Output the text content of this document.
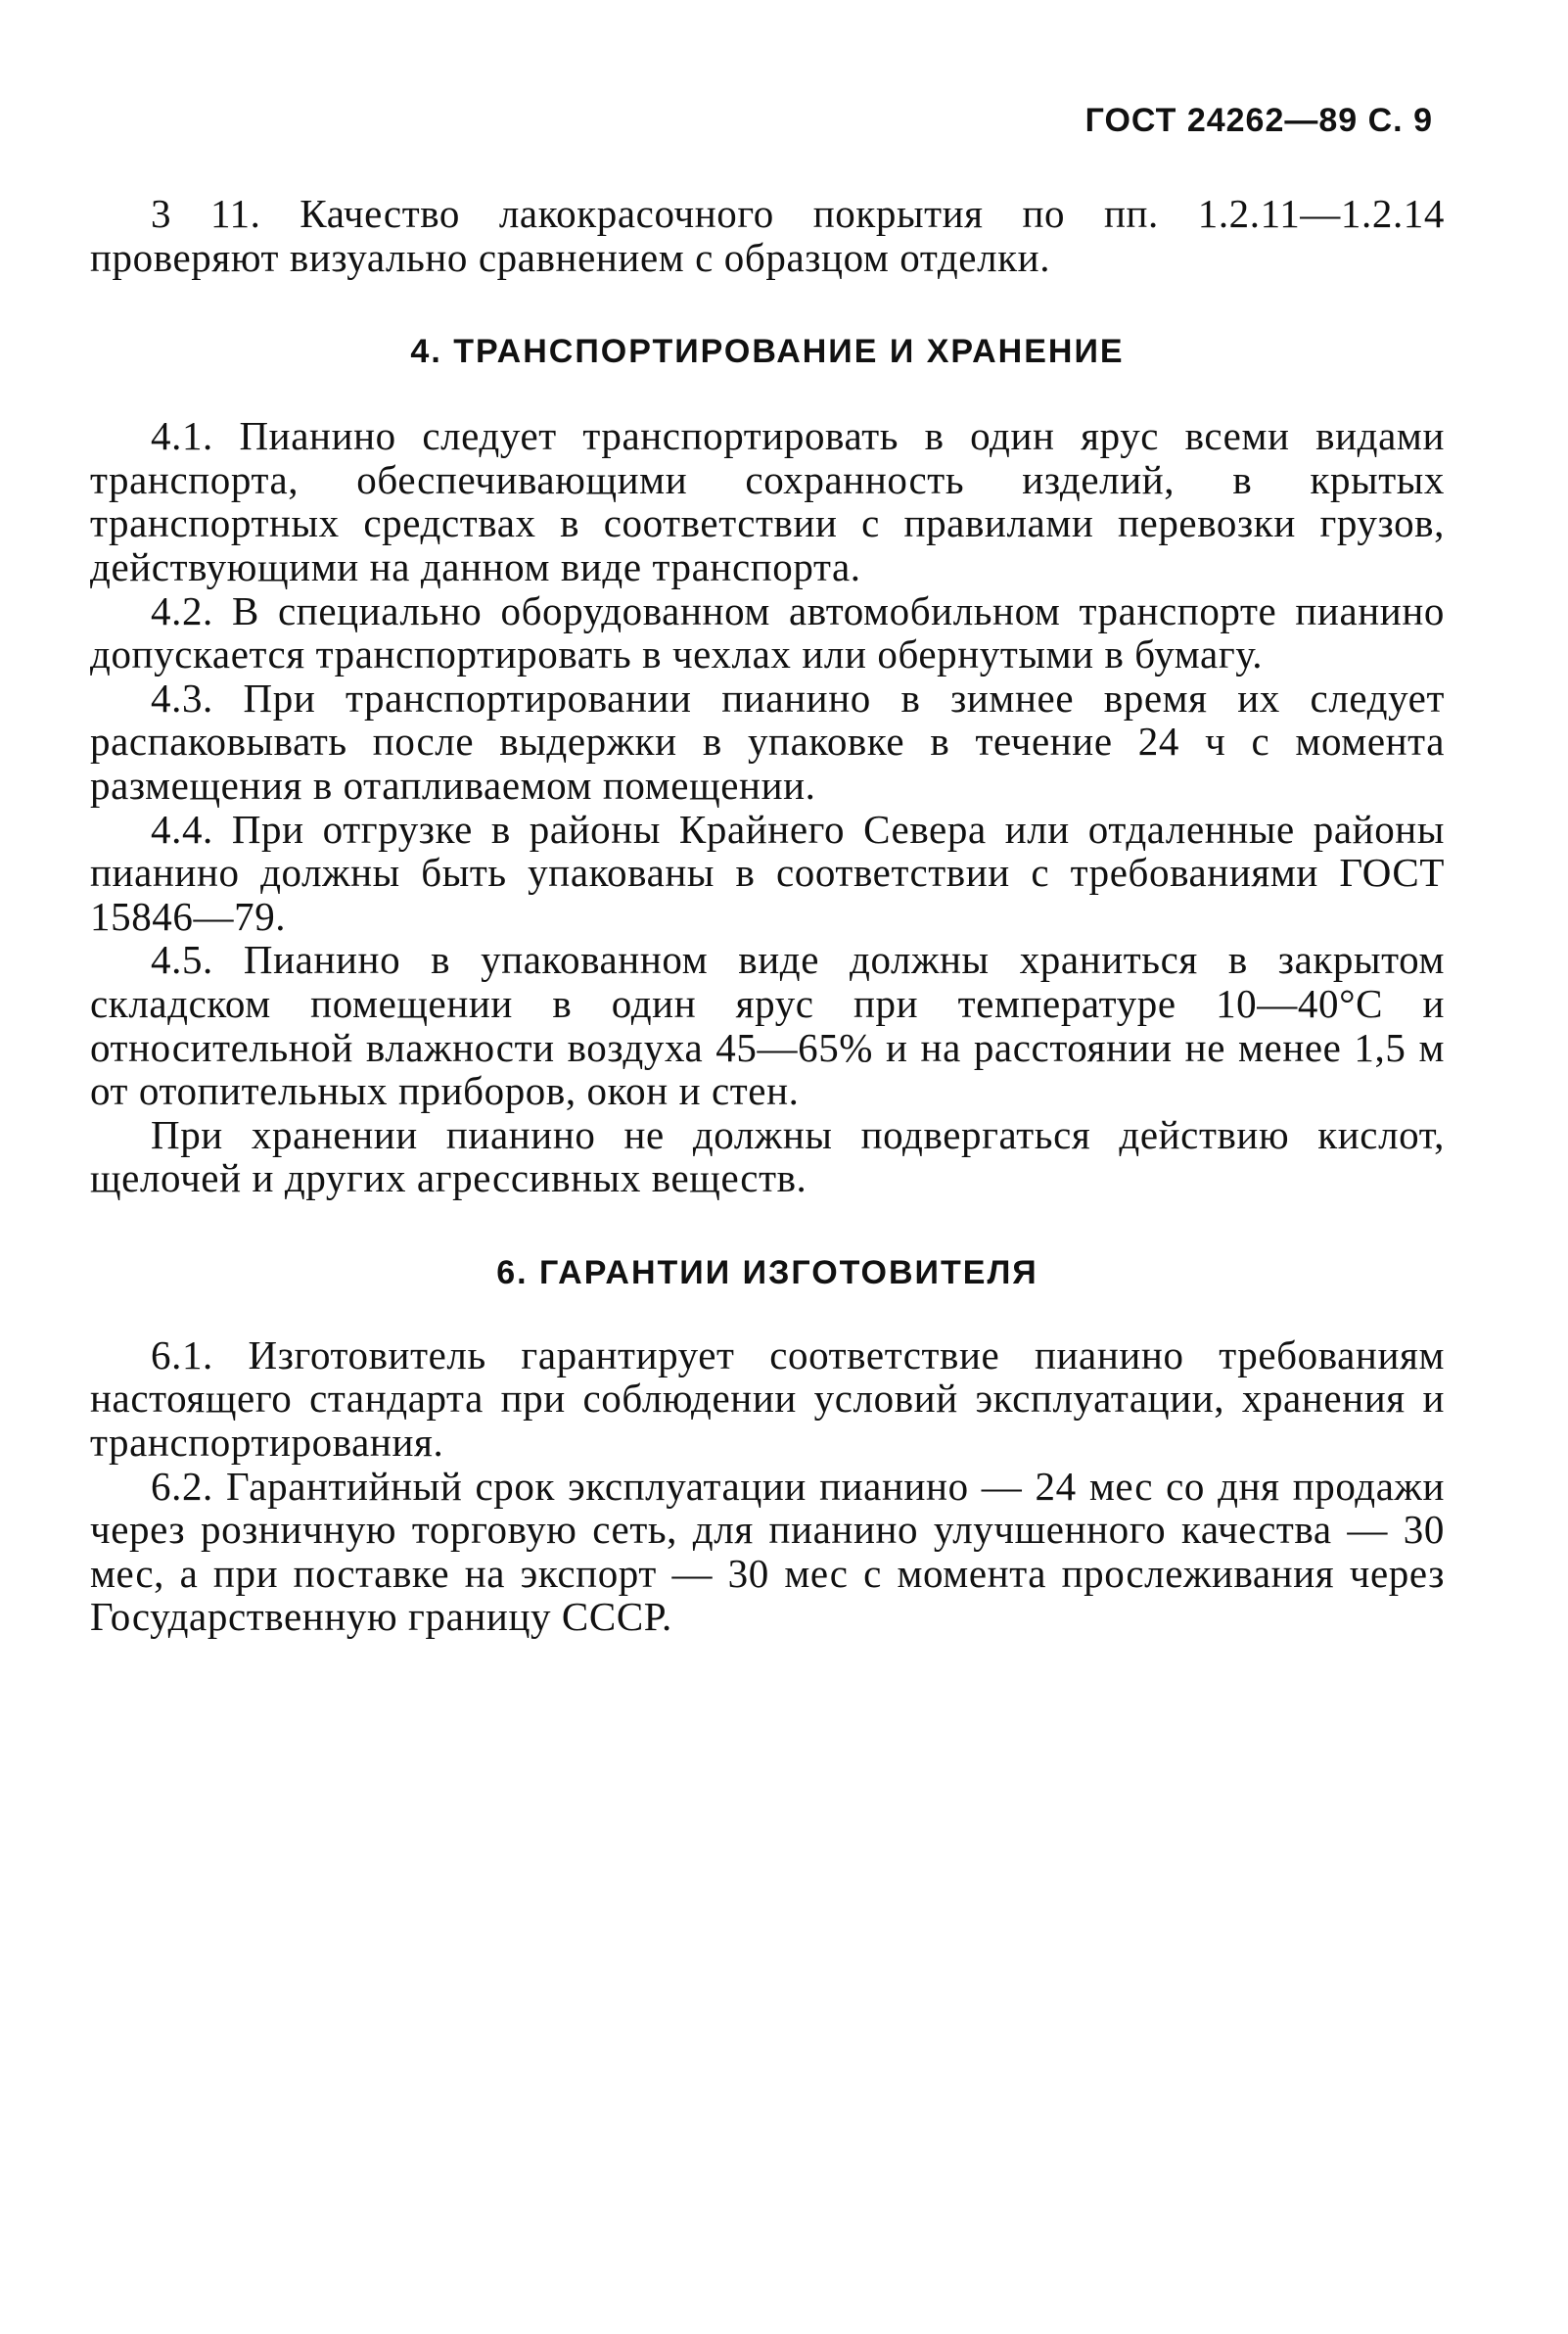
ГОСТ 24262—89 С. 9

3 11. Качество лакокрасочного покрытия по пп. 1.2.11—1.2.14 проверяют визуально сравнением с образцом отделки.

4. ТРАНСПОРТИРОВАНИЕ И ХРАНЕНИЕ

4.1. Пианино следует транспортировать в один ярус всеми видами транспорта, обеспечивающими сохранность изделий, в крытых транспортных средствах в соответствии с правилами перевозки грузов, действующими на данном виде транспорта.

4.2. В специально оборудованном автомобильном транспорте пианино допускается транспортировать в чехлах или обернутыми в бумагу.

4.3. При транспортировании пианино в зимнее время их следует распаковывать после выдержки в упаковке в течение 24 ч с момента размещения в отапливаемом помещении.

4.4. При отгрузке в районы Крайнего Севера или отдаленные районы пианино должны быть упакованы в соответствии с требованиями ГОСТ 15846—79.

4.5. Пианино в упакованном виде должны храниться в закрытом складском помещении в один ярус при температуре 10—40°С и относительной влажности воздуха 45—65% и на расстоянии не менее 1,5 м от отопительных приборов, окон и стен.

При хранении пианино не должны подвергаться действию кислот, щелочей и других агрессивных веществ.

6. ГАРАНТИИ ИЗГОТОВИТЕЛЯ

6.1. Изготовитель гарантирует соответствие пианино требованиям настоящего стандарта при соблюдении условий эксплуатации, хранения и транспортирования.

6.2. Гарантийный срок эксплуатации пианино — 24 мес со дня продажи через розничную торговую сеть, для пианино улучшенного качества — 30 мес, а при поставке на экспорт — 30 мес с момента прослеживания через Государственную границу СССР.
